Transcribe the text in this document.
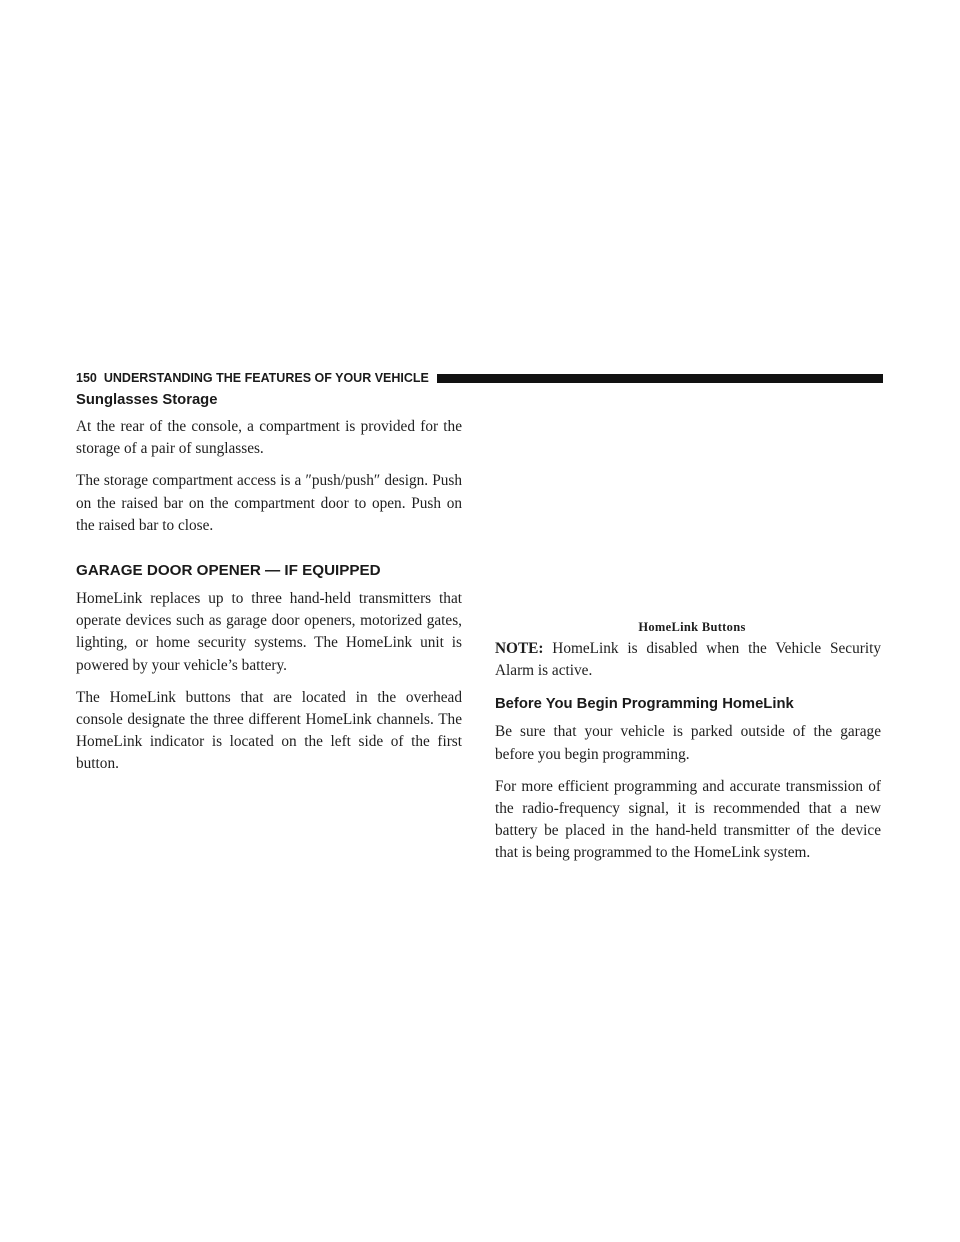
150 UNDERSTANDING THE FEATURES OF YOUR VEHICLE
Sunglasses Storage

At the rear of the console, a compartment is provided for the storage of a pair of sunglasses.

The storage compartment access is a ″push/push″ design. Push on the raised bar on the compartment door to open. Push on the raised bar to close.

GARAGE DOOR OPENER — IF EQUIPPED

HomeLink replaces up to three hand-held transmitters that operate devices such as garage door openers, motorized gates, lighting, or home security systems. The HomeLink unit is powered by your vehicle’s battery.

The HomeLink buttons that are located in the overhead console designate the three different HomeLink channels. The HomeLink indicator is located on the left side of the first button.

HomeLink Buttons

NOTE: HomeLink is disabled when the Vehicle Security Alarm is active.

Before You Begin Programming HomeLink

Be sure that your vehicle is parked outside of the garage before you begin programming.

For more efficient programming and accurate transmission of the radio-frequency signal, it is recommended that a new battery be placed in the hand-held transmitter of the device that is being programmed to the HomeLink system.
